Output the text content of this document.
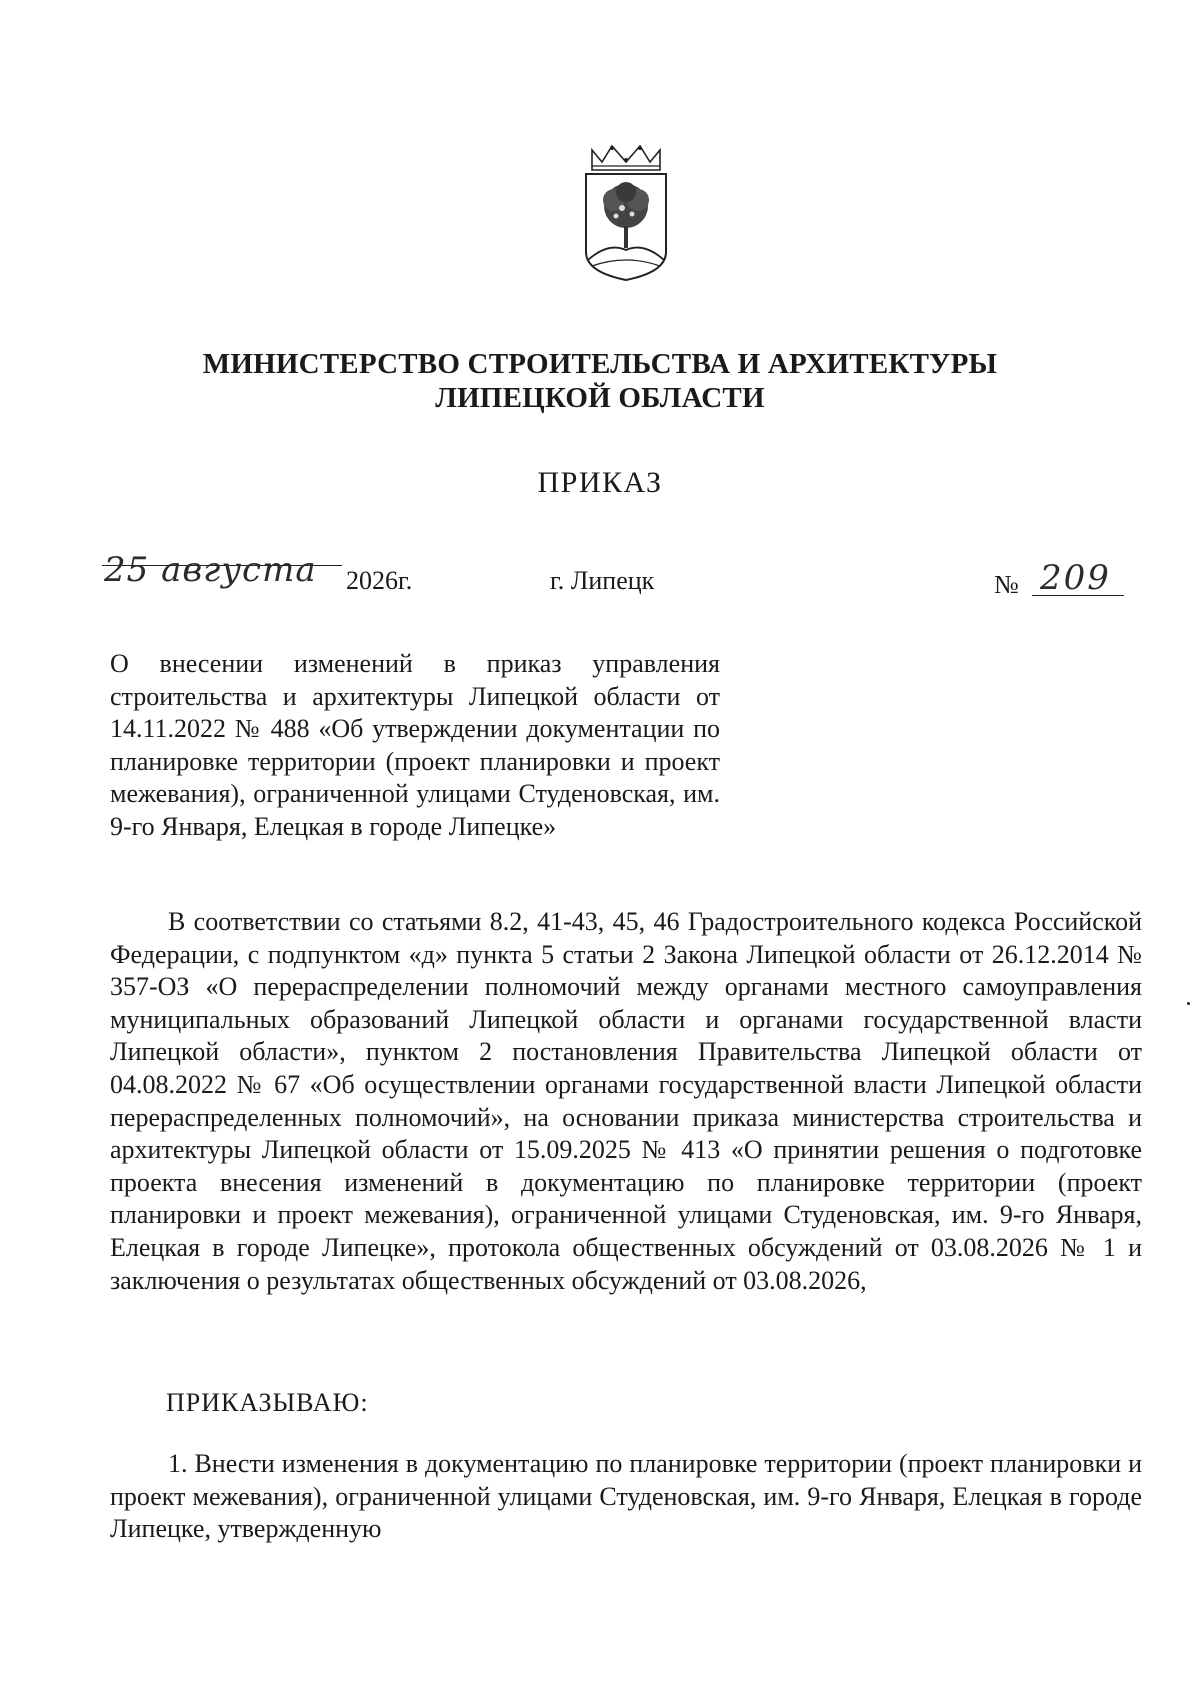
МИНИСТЕРСТВО СТРОИТЕЛЬСТВА И АРХИТЕКТУРЫ
ЛИПЕЦКОЙ ОБЛАСТИ
ПРИКАЗ
25 августа 2026г.	г. Липецк	№ 209

О внесении изменений в приказ управления строительства и архитектуры Липецкой области от 14.11.2022 № 488 «Об утверждении документации по планировке территории (проект планировки и проект межевания), ограниченной улицами Студеновская, им. 9-го Января, Елецкая в городе Липецке»

В соответствии со статьями 8.2, 41-43, 45, 46 Градостроительного кодекса Российской Федерации, с подпунктом «д» пункта 5 статьи 2 Закона Липецкой области от 26.12.2014 № 357-ОЗ «О перераспределении полномочий между органами местного самоуправления муниципальных образований Липецкой области и органами государственной власти Липецкой области», пунктом 2 постановления Правительства Липецкой области от 04.08.2022 № 67 «Об осуществлении органами государственной власти Липецкой области перераспределенных полномочий», на основании приказа министерства строительства и архитектуры Липецкой области от 15.09.2025 № 413 «О принятии решения о подготовке проекта внесения изменений в документацию по планировке территории (проект планировки и проект межевания), ограниченной улицами Студеновская, им. 9-го Января, Елецкая в городе Липецке», протокола общественных обсуждений от 03.08.2026 № 1 и заключения о результатах общественных обсуждений от 03.08.2026,

ПРИКАЗЫВАЮ:

1. Внести изменения в документацию по планировке территории (проект планировки и проект межевания), ограниченной улицами Студеновская, им. 9-го Января, Елецкая в городе Липецке, утвержденную
